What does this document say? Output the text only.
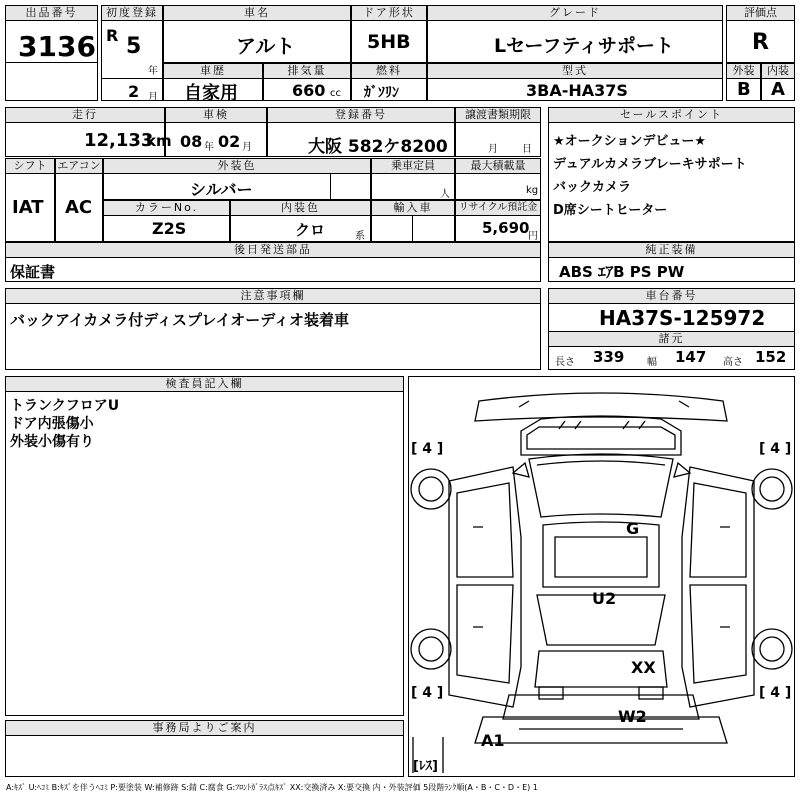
出品番号
3136
初度登録
R 5
年
2 月
車名
アルト
ドア形状
5HB
グレード
Lセーフティサポート
評価点
R
車歴
自家用
排気量
660 cc
燃料
ｶﾞｿﾘﾝ
型式
3BA-HA37S
外装
B
内装
A
走行
12,133
km
車検
08 年 02 月
登録番号
大阪 582ケ8200
譲渡書類期限
月 日
セールスポイント
★オークションデビュー★
デュアルカメラブレーキサポート
バックカメラ
D席シートヒーター
シフト
IAT
エアコン
AC
外装色
シルバー
乗車定員
人
最大積載量
kg
カラーNo.
Z2S
内装色
クロ	系
輸入車	リサイクル預託金
5,690
円
後日発送部品
保証書
純正装備
ABS ｴｱB PS PW
注意事項欄
バックアイカメラ付ディスプレイオーディオ装着車
車台番号
HA37S-125972
諸元
長さ 339 幅 147 高さ 152
検査員記入欄
トランクフロアU
ドア内張傷小
外装小傷有り
事務局よりご案内
[ 4 ]	[ 4 ]
[ 4 ]	[ 4 ]
G
U2
XX
W2
A1
[ﾚｽ]
A:ｷｽﾞ U:ﾍｺﾐ B:ｷｽﾞを伴うﾍｺﾐ P:要塗装 W:補修跡 S:錆 C:腐食 G:ﾌﾛﾝﾄｶﾞﾗｽ点ｷｽﾞ XX:交換済み X:要交換 内・外装評価 5段階ﾗﾝｸ順(A・B・C・D・E) 1
